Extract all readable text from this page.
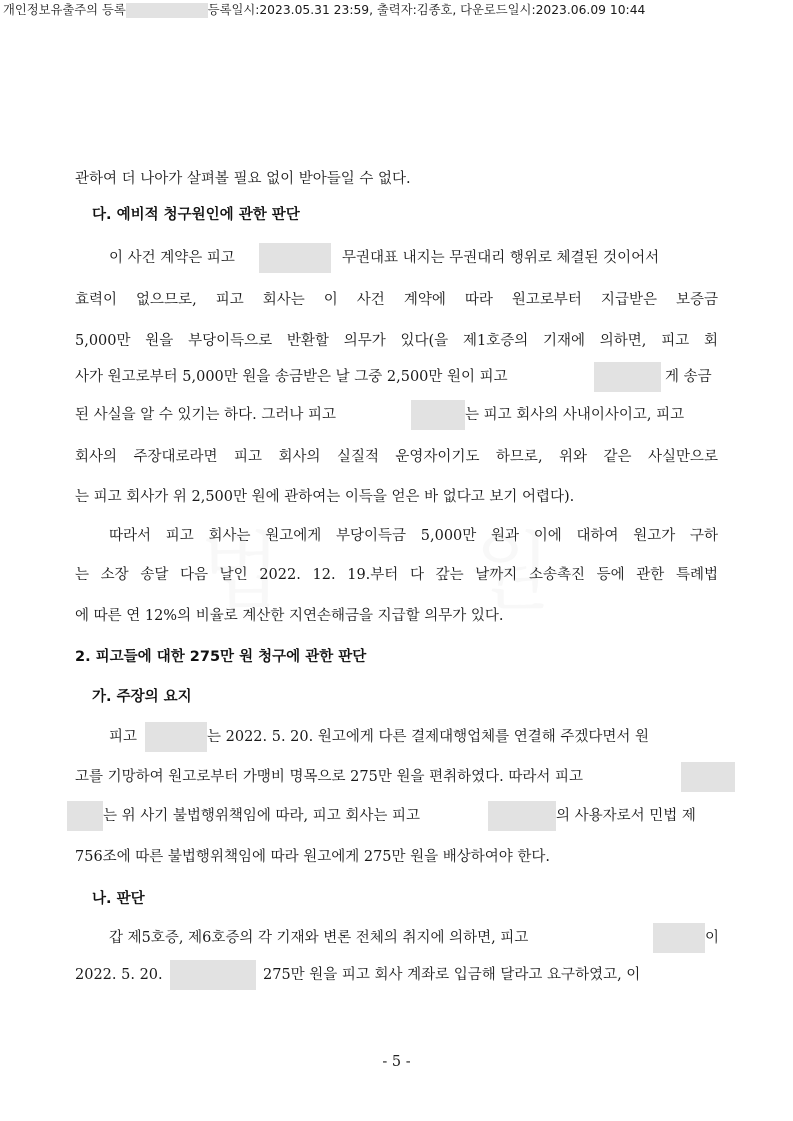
법 원
개인정보유출주의 등록	등록일시:2023.05.31 23:59, 출력자:김종호, 다운로드일시:2023.06.09 10:44
관하여 더 나아가 살펴볼 필요 없이 받아들일 수 없다.
다. 예비적 청구원인에 관한 판단
이 사건 계약은 피고	무권대표 내지는 무권대리 행위로 체결된 것이어서
효력이 없으므로, 피고 회사는 이 사건 계약에 따라 원고로부터 지급받은 보증금
5,000만 원을 부당이득으로 반환할 의무가 있다(을 제1호증의 기재에 의하면, 피고 회
사가 원고로부터 5,000만 원을 송금받은 날 그중 2,500만 원이 피고	게 송금
된 사실을 알 수 있기는 하다. 그러나 피고	는 피고 회사의 사내이사이고, 피고
회사의 주장대로라면 피고 회사의 실질적 운영자이기도 하므로, 위와 같은 사실만으로
는 피고 회사가 위 2,500만 원에 관하여는 이득을 얻은 바 없다고 보기 어렵다).
따라서 피고 회사는 원고에게 부당이득금 5,000만 원과 이에 대하여 원고가 구하
는 소장 송달 다음 날인 2022. 12. 19.부터 다 갚는 날까지 소송촉진 등에 관한 특례법
에 따른 연 12%의 비율로 계산한 지연손해금을 지급할 의무가 있다.
2. 피고들에 대한 275만 원 청구에 관한 판단
가. 주장의 요지
피고	는 2022. 5. 20. 원고에게 다른 결제대행업체를 연결해 주겠다면서 원
고를 기망하여 원고로부터 가맹비 명목으로 275만 원을 편취하였다. 따라서 피고
는 위 사기 불법행위책임에 따라, 피고 회사는 피고	의 사용자로서 민법 제
756조에 따른 불법행위책임에 따라 원고에게 275만 원을 배상하여야 한다.
나. 판단
갑 제5호증, 제6호증의 각 기재와 변론 전체의 취지에 의하면, 피고	이
2022. 5. 20.	275만 원을 피고 회사 계좌로 입금해 달라고 요구하였고, 이
- 5 -
